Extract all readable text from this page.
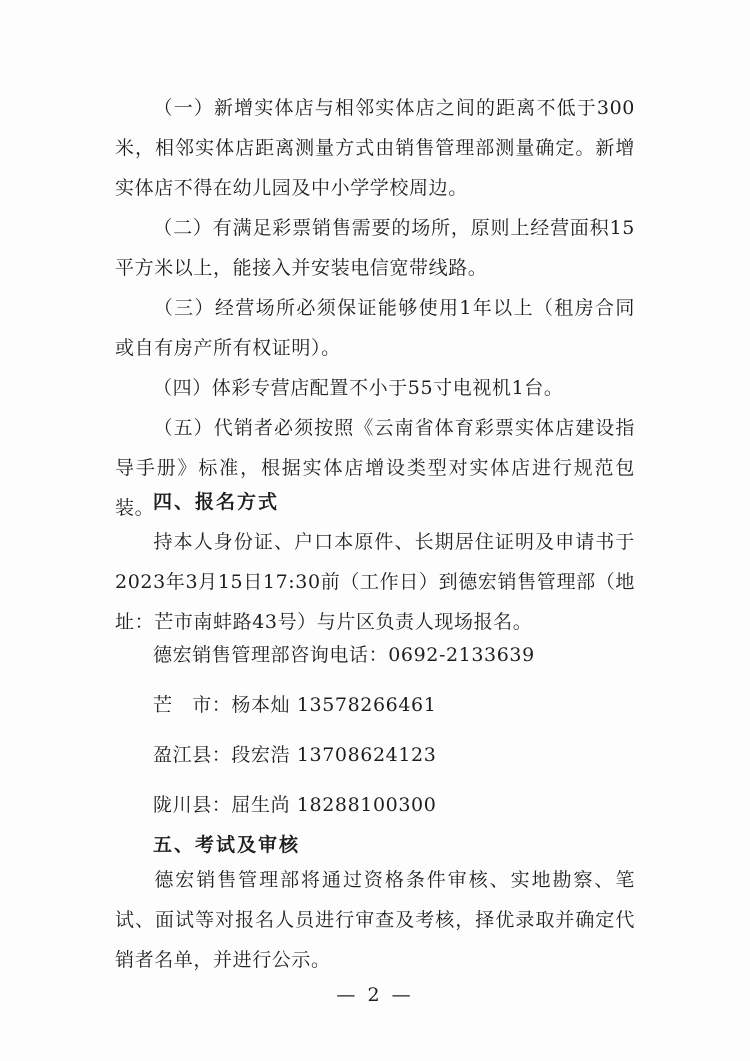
（一）新增实体店与相邻实体店之间的距离不低于300米，相邻实体店距离测量方式由销售管理部测量确定。新增实体店不得在幼儿园及中小学学校周边。

（二）有满足彩票销售需要的场所，原则上经营面积15平方米以上，能接入并安装电信宽带线路。

（三）经营场所必须保证能够使用1年以上（租房合同或自有房产所有权证明）。

（四）体彩专营店配置不小于55寸电视机1台。

（五）代销者必须按照《云南省体育彩票实体店建设指导手册》标准，根据实体店增设类型对实体店进行规范包装。

四、报名方式

持本人身份证、户口本原件、长期居住证明及申请书于2023年3月15日17:30前（工作日）到德宏销售管理部（地址：芒市南蚌路43号）与片区负责人现场报名。

德宏销售管理部咨询电话：0692-2133639

芒　市：杨本灿 13578266461

盈江县：段宏浩 13708624123

陇川县：屈生尚 18288100300

五、考试及审核

德宏销售管理部将通过资格条件审核、实地勘察、笔试、面试等对报名人员进行审查及考核，择优录取并确定代销者名单，并进行公示。

— 2 —
